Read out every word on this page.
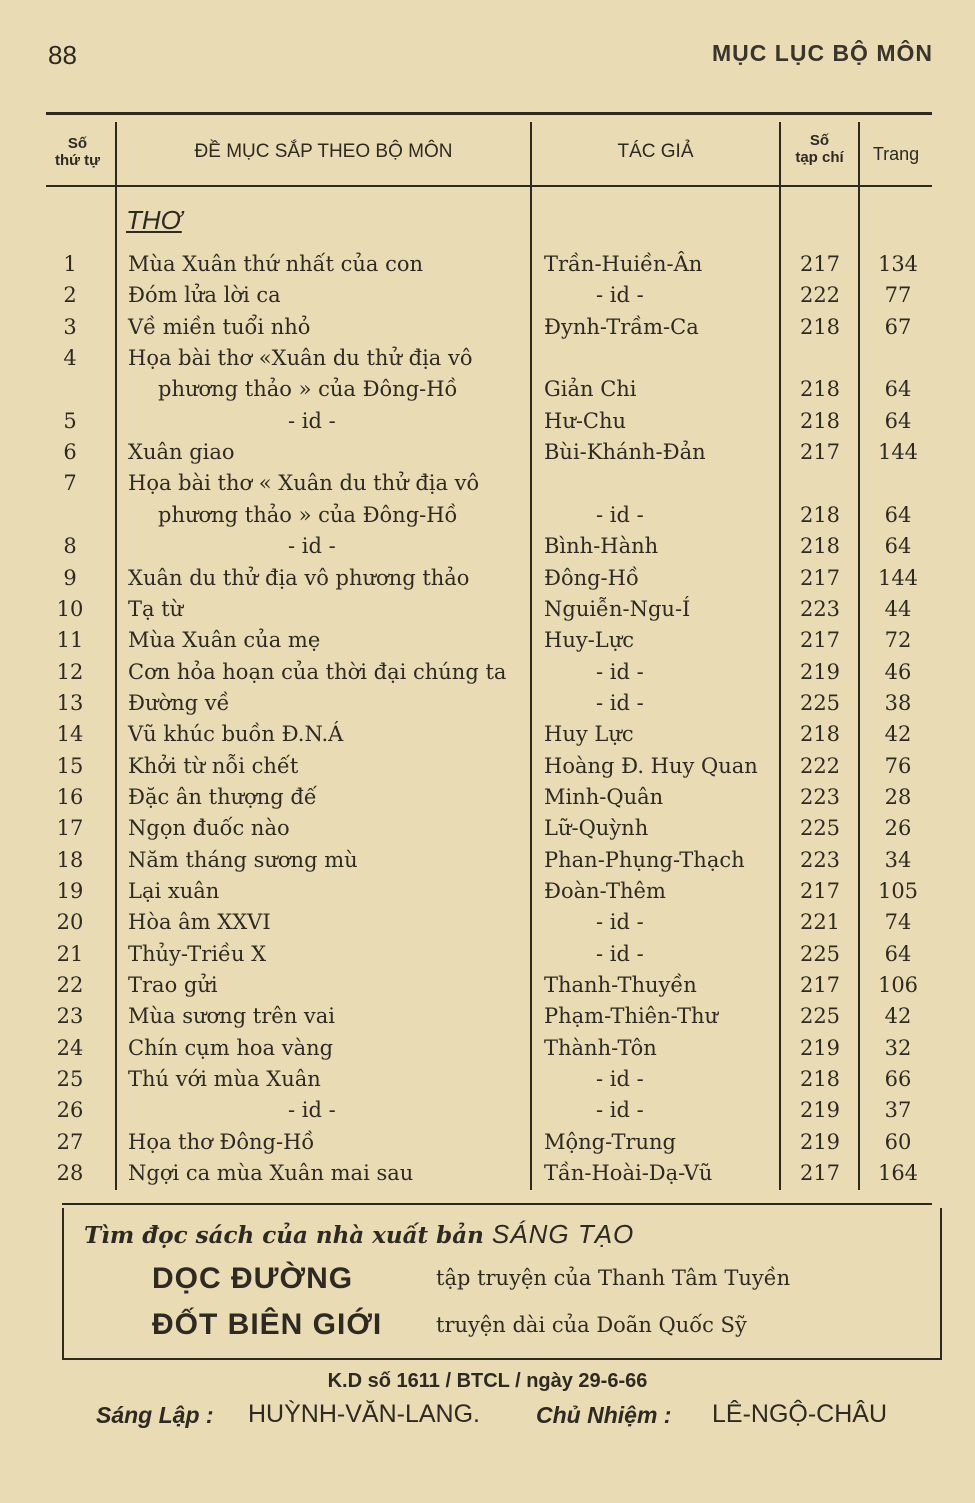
88	MỤC LỤC BỘ MÔN
Số
thứ tự	ĐỀ MỤC SẮP THEO BỘ MÔN	TÁC GIẢ
Số
tạp chí	Trang
THƠ
1	Mùa Xuân thứ nhất của con	Trần-Huiền-Ân	217	134
2	Đóm lửa lời ca	- id -	222	77
3	Về miền tuổi nhỏ	Đynh-Trầm-Ca	218	67
4	Họa bài thơ «Xuân du thử địa vô
phương thảo » của Đông-Hồ	Giản Chi	218	64
5	- id -	Hư-Chu	218	64
6	Xuân giao	Bùi-Khánh-Đản	217	144
7	Họa bài thơ « Xuân du thử địa vô
phương thảo » của Đông-Hồ	- id -	218	64
8	- id -	Bình-Hành	218	64
9	Xuân du thử địa vô phương thảo	Đông-Hồ	217	144
10	Tạ từ	Nguiễn-Ngu-Í	223	44
11	Mùa Xuân của mẹ	Huy-Lực	217	72
12	Cơn hỏa hoạn của thời đại chúng ta	- id -	219	46
13	Đường về	- id -	225	38
14	Vũ khúc buồn Đ.N.Á	Huy Lực	218	42
15	Khởi từ nỗi chết	Hoàng Đ. Huy Quan	222	76
16	Đặc ân thượng đế	Minh-Quân	223	28
17	Ngọn đuốc nào	Lữ-Quỳnh	225	26
18	Năm tháng sương mù	Phan-Phụng-Thạch	223	34
19	Lại xuân	Đoàn-Thêm	217	105
20	Hòa âm XXVI	- id -	221	74
21	Thủy-Triều X	- id -	225	64
22	Trao gửi	Thanh-Thuyền	217	106
23	Mùa sương trên vai	Phạm-Thiên-Thư	225	42
24	Chín cụm hoa vàng	Thành-Tôn	219	32
25	Thú với mùa Xuân	- id -	218	66
26	- id -	- id -	219	37
27	Họa thơ Đông-Hồ	Mộng-Trung	219	60
28	Ngợi ca mùa Xuân mai sau	Tần-Hoài-Dạ-Vũ	217	164
Tìm đọc sách của nhà xuất bản SÁNG TẠO
DỌC ĐƯỜNG	tập truyện của Thanh Tâm Tuyền
ĐỐT BIÊN GIỚI	truyện dài của Doãn Quốc Sỹ
K.D số 1611 / BTCL / ngày 29-6-66
Sáng Lập : HUỲNH-VĂN-LANG. Chủ Nhiệm : LÊ-NGỘ-CHÂU
